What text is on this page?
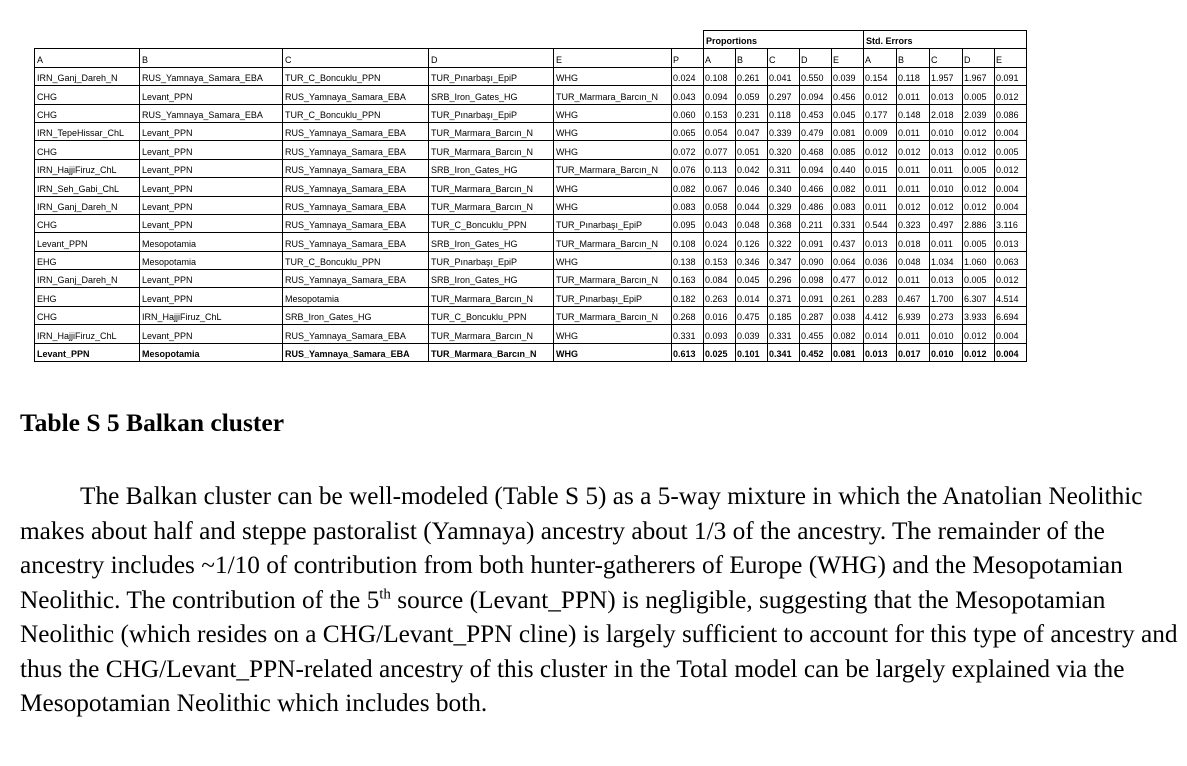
						Proportions					Std. Errors				
A	B	C	D	E	P	A	B	C	D	E	A	B	C	D	E
IRN_Ganj_Dareh_N	RUS_Yamnaya_Samara_EBA	TUR_C_Boncuklu_PPN	TUR_Pınarbaşı_EpiP	WHG	0.024	0.108	0.261	0.041	0.550	0.039	0.154	0.118	1.957	1.967	0.091
CHG	Levant_PPN	RUS_Yamnaya_Samara_EBA	SRB_Iron_Gates_HG	TUR_Marmara_Barcın_N	0.043	0.094	0.059	0.297	0.094	0.456	0.012	0.011	0.013	0.005	0.012
CHG	RUS_Yamnaya_Samara_EBA	TUR_C_Boncuklu_PPN	TUR_Pınarbaşı_EpiP	WHG	0.060	0.153	0.231	0.118	0.453	0.045	0.177	0.148	2.018	2.039	0.086
IRN_TepeHissar_ChL	Levant_PPN	RUS_Yamnaya_Samara_EBA	TUR_Marmara_Barcın_N	WHG	0.065	0.054	0.047	0.339	0.479	0.081	0.009	0.011	0.010	0.012	0.004
CHG	Levant_PPN	RUS_Yamnaya_Samara_EBA	TUR_Marmara_Barcın_N	WHG	0.072	0.077	0.051	0.320	0.468	0.085	0.012	0.012	0.013	0.012	0.005
IRN_HajjiFiruz_ChL	Levant_PPN	RUS_Yamnaya_Samara_EBA	SRB_Iron_Gates_HG	TUR_Marmara_Barcın_N	0.076	0.113	0.042	0.311	0.094	0.440	0.015	0.011	0.011	0.005	0.012
IRN_Seh_Gabi_ChL	Levant_PPN	RUS_Yamnaya_Samara_EBA	TUR_Marmara_Barcın_N	WHG	0.082	0.067	0.046	0.340	0.466	0.082	0.011	0.011	0.010	0.012	0.004
IRN_Ganj_Dareh_N	Levant_PPN	RUS_Yamnaya_Samara_EBA	TUR_Marmara_Barcın_N	WHG	0.083	0.058	0.044	0.329	0.486	0.083	0.011	0.012	0.012	0.012	0.004
CHG	Levant_PPN	RUS_Yamnaya_Samara_EBA	TUR_C_Boncuklu_PPN	TUR_Pınarbaşı_EpiP	0.095	0.043	0.048	0.368	0.211	0.331	0.544	0.323	0.497	2.886	3.116
Levant_PPN	Mesopotamia	RUS_Yamnaya_Samara_EBA	SRB_Iron_Gates_HG	TUR_Marmara_Barcın_N	0.108	0.024	0.126	0.322	0.091	0.437	0.013	0.018	0.011	0.005	0.013
EHG	Mesopotamia	TUR_C_Boncuklu_PPN	TUR_Pınarbaşı_EpiP	WHG	0.138	0.153	0.346	0.347	0.090	0.064	0.036	0.048	1.034	1.060	0.063
IRN_Ganj_Dareh_N	Levant_PPN	RUS_Yamnaya_Samara_EBA	SRB_Iron_Gates_HG	TUR_Marmara_Barcın_N	0.163	0.084	0.045	0.296	0.098	0.477	0.012	0.011	0.013	0.005	0.012
EHG	Levant_PPN	Mesopotamia	TUR_Marmara_Barcın_N	TUR_Pınarbaşı_EpiP	0.182	0.263	0.014	0.371	0.091	0.261	0.283	0.467	1.700	6.307	4.514
CHG	IRN_HajjiFiruz_ChL	SRB_Iron_Gates_HG	TUR_C_Boncuklu_PPN	TUR_Marmara_Barcın_N	0.268	0.016	0.475	0.185	0.287	0.038	4.412	6.939	0.273	3.933	6.694
IRN_HajjiFiruz_ChL	Levant_PPN	RUS_Yamnaya_Samara_EBA	TUR_Marmara_Barcın_N	WHG	0.331	0.093	0.039	0.331	0.455	0.082	0.014	0.011	0.010	0.012	0.004
Levant_PPN	Mesopotamia	RUS_Yamnaya_Samara_EBA	TUR_Marmara_Barcın_N	WHG	0.613	0.025	0.101	0.341	0.452	0.081	0.013	0.017	0.010	0.012	0.004
Table S 5 Balkan cluster

The Balkan cluster can be well-modeled (Table S 5) as a 5-way mixture in which the Anatolian Neolithic makes about half and steppe pastoralist (Yamnaya) ancestry about 1/3 of the ancestry. The remainder of the ancestry includes ~1/10 of contribution from both hunter-gatherers of Europe (WHG) and the Mesopotamian Neolithic. The contribution of the 5th source (Levant_PPN) is negligible, suggesting that the Mesopotamian Neolithic (which resides on a CHG/Levant_PPN cline) is largely sufficient to account for this type of ancestry and thus the CHG/Levant_PPN-related ancestry of this cluster in the Total model can be largely explained via the Mesopotamian Neolithic which includes both.
